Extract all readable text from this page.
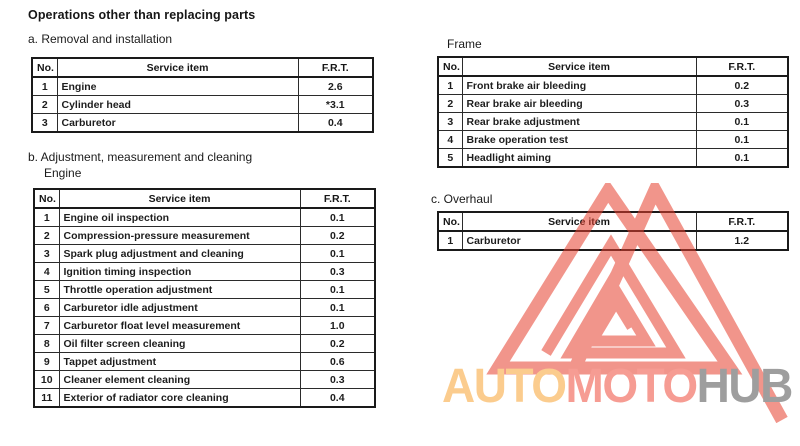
Operations other than replacing parts
a. Removal and installation
No.	Service item	F.R.T.
1	Engine	2.6
2	Cylinder head	*3.1
3	Carburetor	0.4
b. Adjustment, measurement and cleaning
Engine
No.	Service item	F.R.T.
1	Engine oil inspection	0.1
2	Compression-pressure measurement	0.2
3	Spark plug adjustment and cleaning	0.1
4	Ignition timing inspection	0.3
5	Throttle operation adjustment	0.1
6	Carburetor idle adjustment	0.1
7	Carburetor float level measurement	1.0
8	Oil filter screen cleaning	0.2
9	Tappet adjustment	0.6
10	Cleaner element cleaning	0.3
11	Exterior of radiator core cleaning	0.4
Frame
No.	Service item	F.R.T.
1	Front brake air bleeding	0.2
2	Rear brake air bleeding	0.3
3	Rear brake adjustment	0.1
4	Brake operation test	0.1
5	Headlight aiming	0.1
c. Overhaul
No.	Service item	F.R.T.
1	Carburetor	1.2
AUTOMOTOHUB
